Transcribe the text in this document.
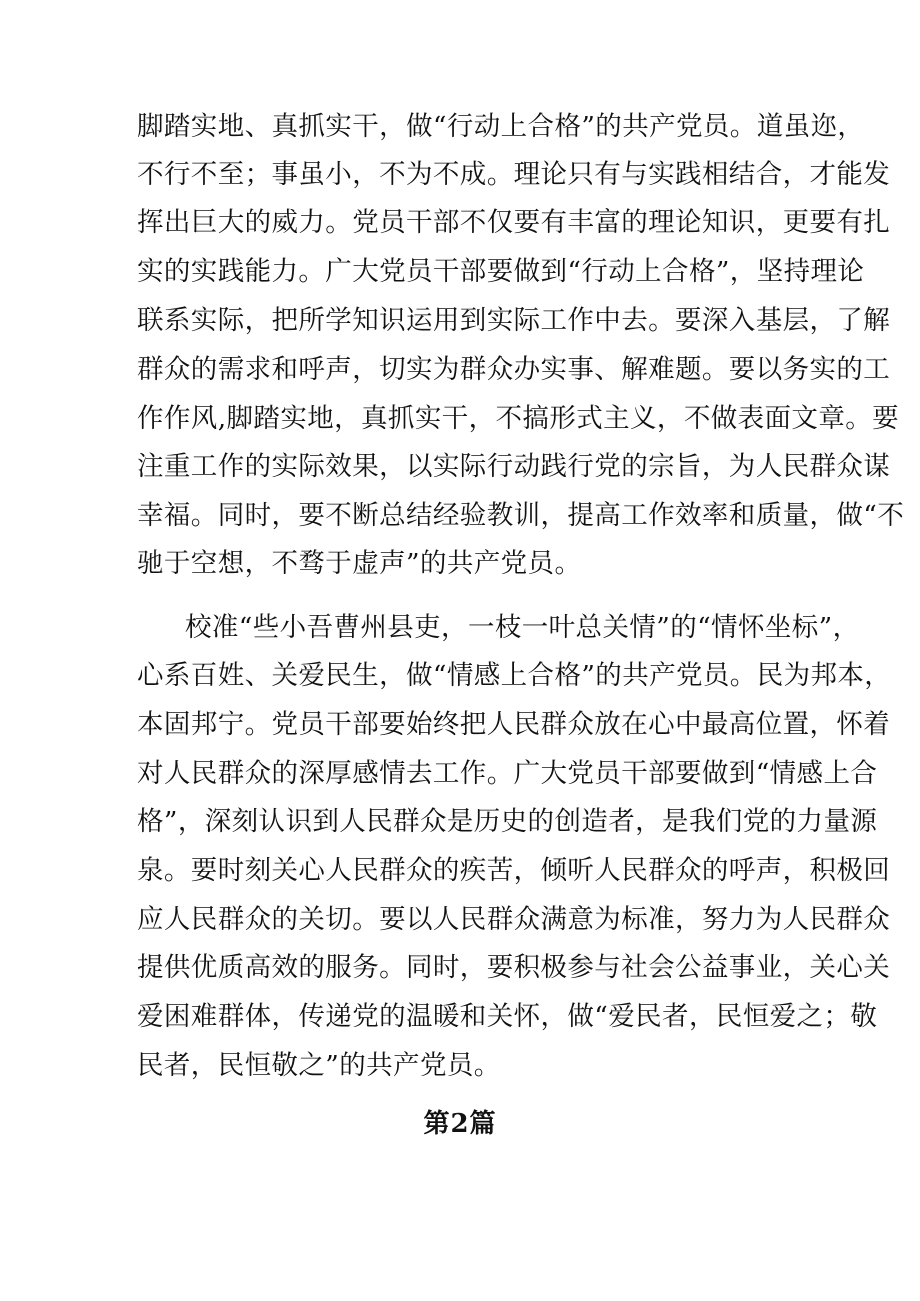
脚踏实地、真抓实干，做“行动上合格”的共产党员。道虽迩，
不行不至；事虽小，不为不成。理论只有与实践相结合，才能发
挥出巨大的威力。党员干部不仅要有丰富的理论知识，更要有扎
实的实践能力。广大党员干部要做到“行动上合格”，坚持理论
联系实际，把所学知识运用到实际工作中去。要深入基层，了解
群众的需求和呼声，切实为群众办实事、解难题。要以务实的工
作作风,脚踏实地，真抓实干，不搞形式主义，不做表面文章。要
注重工作的实际效果，以实际行动践行党的宗旨，为人民群众谋
幸福。同时，要不断总结经验教训，提高工作效率和质量，做“不
驰于空想，不骛于虚声”的共产党员。
校准“些小吾曹州县吏，一枝一叶总关情”的“情怀坐标”，
心系百姓、关爱民生，做“情感上合格”的共产党员。民为邦本，
本固邦宁。党员干部要始终把人民群众放在心中最高位置，怀着
对人民群众的深厚感情去工作。广大党员干部要做到“情感上合
格”，深刻认识到人民群众是历史的创造者，是我们党的力量源
泉。要时刻关心人民群众的疾苦，倾听人民群众的呼声，积极回
应人民群众的关切。要以人民群众满意为标准，努力为人民群众
提供优质高效的服务。同时，要积极参与社会公益事业，关心关
爱困难群体，传递党的温暖和关怀，做“爱民者，民恒爱之；敬
民者，民恒敬之”的共产党员。
第2篇
